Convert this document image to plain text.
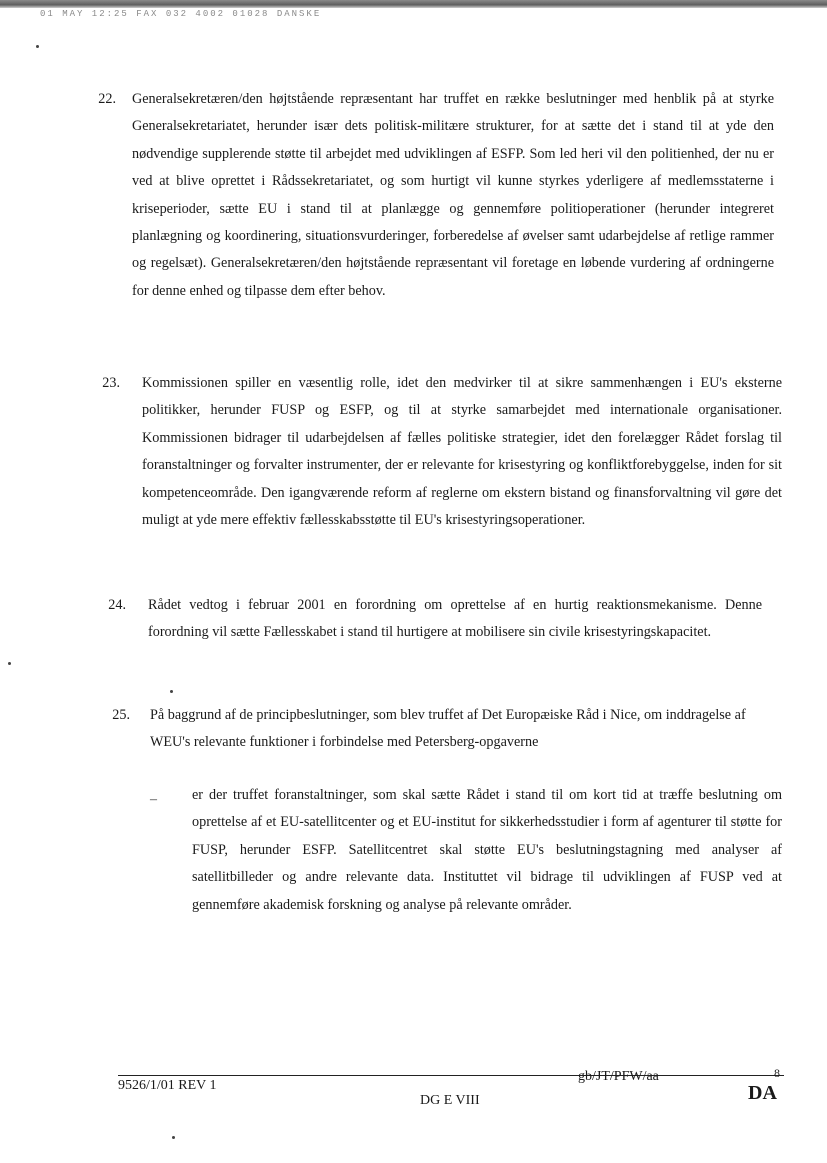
01 MAY 12:25 FAX 032 4002 01028 DANSKE
22. Generalsekretæren/den højtstående repræsentant har truffet en række beslutninger med henblik på at styrke Generalsekretariatet, herunder især dets politisk-militære strukturer, for at sætte det i stand til at yde den nødvendige supplerende støtte til arbejdet med udviklingen af ESFP. Som led heri vil den politienhed, der nu er ved at blive oprettet i Rådssekretariatet, og som hurtigt vil kunne styrkes yderligere af medlemsstaterne i kriseperioder, sætte EU i stand til at planlægge og gennemføre politioperationer (herunder integreret planlægning og koordinering, situationsvurderinger, forberedelse af øvelser samt udarbejdelse af retlige rammer og regelsæt). Generalsekretæren/den højtstående repræsentant vil foretage en løbende vurdering af ordningerne for denne enhed og tilpasse dem efter behov.
23. Kommissionen spiller en væsentlig rolle, idet den medvirker til at sikre sammenhængen i EU's eksterne politikker, herunder FUSP og ESFP, og til at styrke samarbejdet med internationale organisationer. Kommissionen bidrager til udarbejdelsen af fælles politiske strategier, idet den forelægger Rådet forslag til foranstaltninger og forvalter instrumenter, der er relevante for krisestyring og konfliktforebyggelse, inden for sit kompetenceområde. Den igangværende reform af reglerne om ekstern bistand og finansforvaltning vil gøre det muligt at yde mere effektiv fællesskabsstøtte til EU's krisestyringsoperationer.
24. Rådet vedtog i februar 2001 en forordning om oprettelse af en hurtig reaktionsmekanisme. Denne forordning vil sætte Fællesskabet i stand til hurtigere at mobilisere sin civile krisestyringskapacitet.
25. På baggrund af de principbeslutninger, som blev truffet af Det Europæiske Råd i Nice, om inddragelse af WEU's relevante funktioner i forbindelse med Petersberg-opgaverne
– er der truffet foranstaltninger, som skal sætte Rådet i stand til om kort tid at træffe beslutning om oprettelse af et EU-satellitcenter og et EU-institut for sikkerhedsstudier i form af agenturer til støtte for FUSP, herunder ESFP. Satellitcentret skal støtte EU's beslutningstagning med analyser af satellitbilleder og andre relevante data. Instituttet vil bidrage til udviklingen af FUSP ved at gennemføre akademisk forskning og analyse på relevante områder.
9526/1/01 REV 1
DG E VIII
gb/JT/PFW/aa	8
DA
